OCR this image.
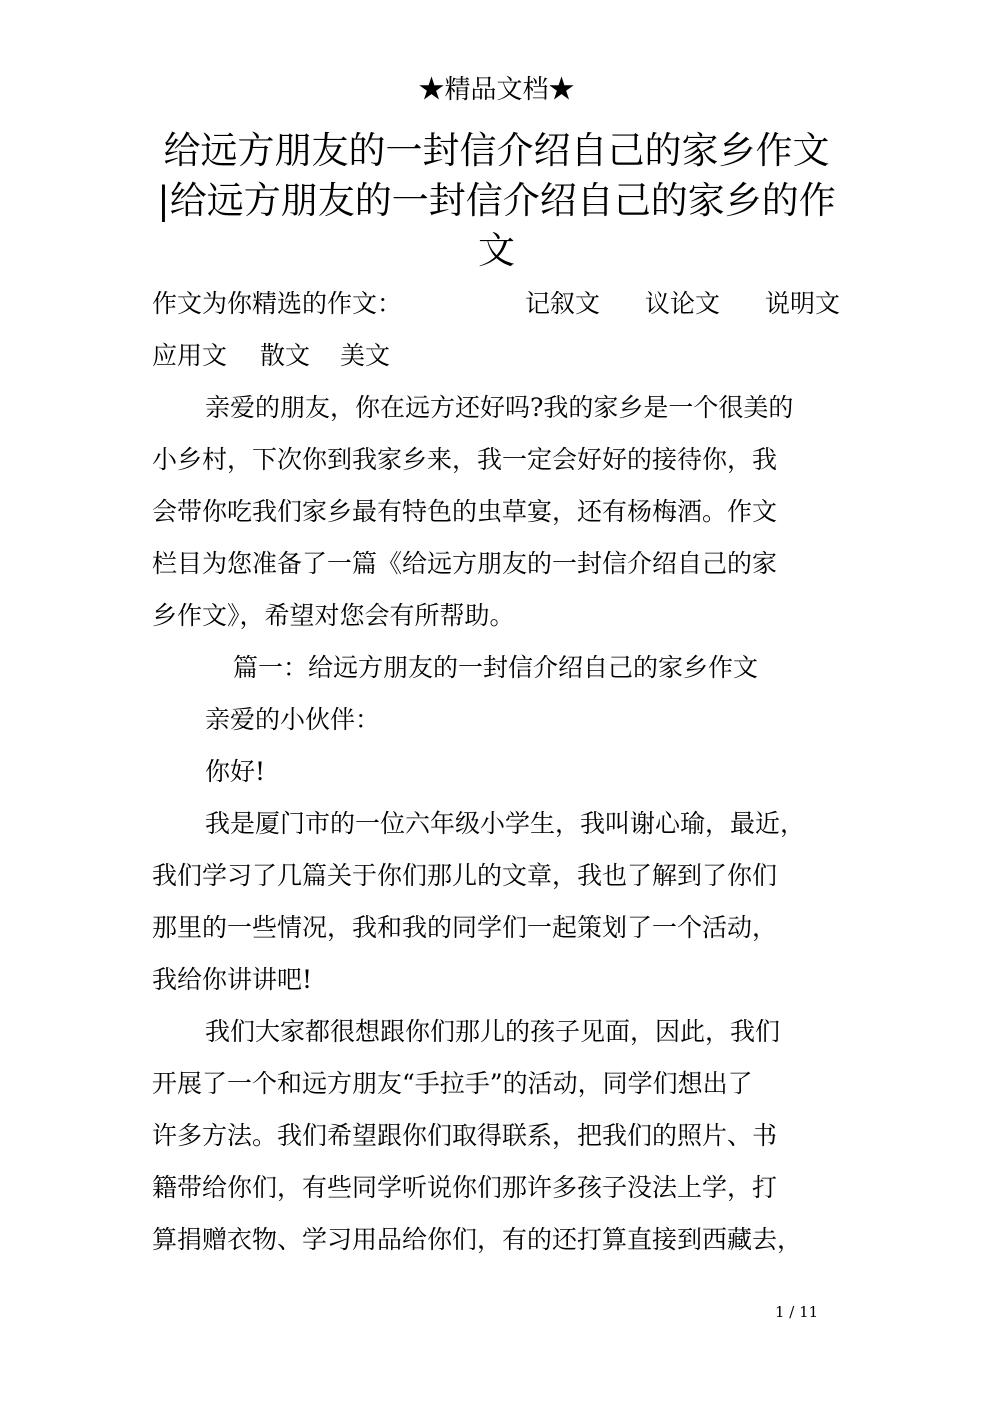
★精品文档★
给远方朋友的一封信介绍自己的家乡作文
|给远方朋友的一封信介绍自己的家乡的作
文
作文为你精选的作文：	记叙文 议论文 说明文
应用文 散文 美文
亲爱的朋友，你在远方还好吗?我的家乡是一个很美的
小乡村，下次你到我家乡来，我一定会好好的接待你，我
会带你吃我们家乡最有特色的虫草宴，还有杨梅酒。作文
栏目为您准备了一篇《给远方朋友的一封信介绍自己的家
乡作文》，希望对您会有所帮助。
篇一：给远方朋友的一封信介绍自己的家乡作文
亲爱的小伙伴：
你好!
我是厦门市的一位六年级小学生，我叫谢心瑜，最近，
我们学习了几篇关于你们那儿的文章，我也了解到了你们
那里的一些情况，我和我的同学们一起策划了一个活动，
我给你讲讲吧!
我们大家都很想跟你们那儿的孩子见面，因此，我们
开展了一个和远方朋友“手拉手”的活动，同学们想出了
许多方法。我们希望跟你们取得联系，把我们的照片、书
籍带给你们，有些同学听说你们那许多孩子没法上学，打
算捐赠衣物、学习用品给你们，有的还打算直接到西藏去，
1 / 11
